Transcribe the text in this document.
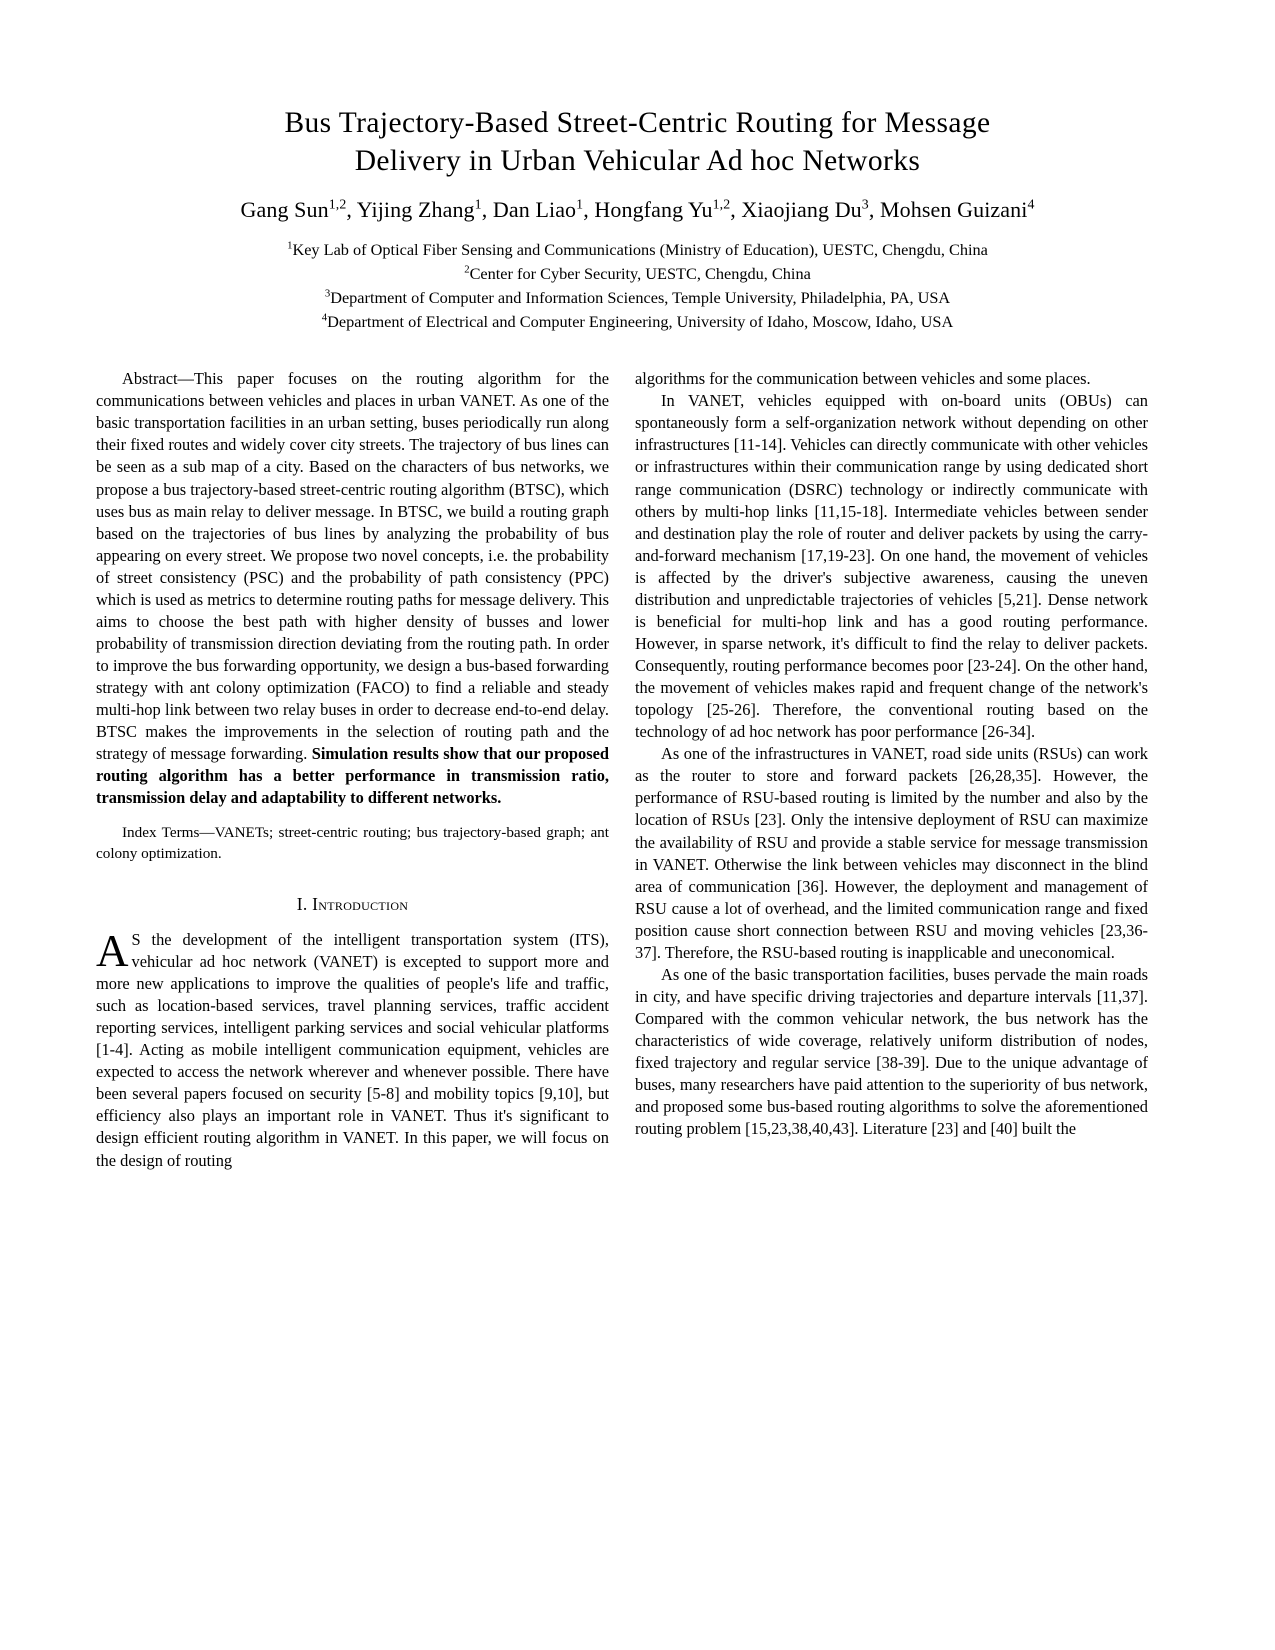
Bus Trajectory-Based Street-Centric Routing for Message
Delivery in Urban Vehicular Ad hoc Networks
Gang Sun$^{1,2}$, Yijing Zhang$^1$, Dan Liao$^1$, Hongfang Yu$^{1,2}$, Xiaojiang Du$^3$, Mohsen Guizani$^4$
$^1$Key Lab of Optical Fiber Sensing and Communications (Ministry of Education), UESTC, Chengdu, China
$^2$Center for Cyber Security, UESTC, Chengdu, China
$^3$Department of Computer and Information Sciences, Temple University, Philadelphia, PA, USA
$^4$Department of Electrical and Computer Engineering, University of Idaho, Moscow, Idaho, USA

Abstract—This paper focuses on the routing algorithm for the communications between vehicles and places in urban VANET. As one of the basic transportation facilities in an urban setting, buses periodically run along their fixed routes and widely cover city streets. The trajectory of bus lines can be seen as a sub map of a city. Based on the characters of bus networks, we propose a bus trajectory-based street-centric routing algorithm (BTSC), which uses bus as main relay to deliver message. In BTSC, we build a routing graph based on the trajectories of bus lines by analyzing the probability of bus appearing on every street. We propose two novel concepts, i.e. the probability of street consistency (PSC) and the probability of path consistency (PPC) which is used as metrics to determine routing paths for message delivery. This aims to choose the best path with higher density of busses and lower probability of transmission direction deviating from the routing path. In order to improve the bus forwarding opportunity, we design a bus-based forwarding strategy with ant colony optimization (FACO) to find a reliable and steady multi-hop link between two relay buses in order to decrease end-to-end delay. BTSC makes the improvements in the selection of routing path and the strategy of message forwarding. Simulation results show that our proposed routing algorithm has a better performance in transmission ratio, transmission delay and adaptability to different networks.

Index Terms—VANETs; street-centric routing; bus trajectory-based graph; ant colony optimization.

I. Introduction

A S the development of the intelligent transportation system (ITS), vehicular ad hoc network (VANET) is excepted to support more and more new applications to improve the qualities of people's life and traffic, such as location-based services, travel planning services, traffic accident reporting services, intelligent parking services and social vehicular platforms [1-4]. Acting as mobile intelligent communication equipment, vehicles are expected to access the network wherever and whenever possible. There have been several papers focused on security [5-8] and mobility topics [9,10], but efficiency also plays an important role in VANET. Thus it's significant to design efficient routing algorithm in VANET. In this paper, we will focus on the design of routing

algorithms for the communication between vehicles and some places.

In VANET, vehicles equipped with on-board units (OBUs) can spontaneously form a self-organization network without depending on other infrastructures [11-14]. Vehicles can directly communicate with other vehicles or infrastructures within their communication range by using dedicated short range communication (DSRC) technology or indirectly communicate with others by multi-hop links [11,15-18]. Intermediate vehicles between sender and destination play the role of router and deliver packets by using the carry-and-forward mechanism [17,19-23]. On one hand, the movement of vehicles is affected by the driver's subjective awareness, causing the uneven distribution and unpredictable trajectories of vehicles [5,21]. Dense network is beneficial for multi-hop link and has a good routing performance. However, in sparse network, it's difficult to find the relay to deliver packets. Consequently, routing performance becomes poor [23-24]. On the other hand, the movement of vehicles makes rapid and frequent change of the network's topology [25-26]. Therefore, the conventional routing based on the technology of ad hoc network has poor performance [26-34].

As one of the infrastructures in VANET, road side units (RSUs) can work as the router to store and forward packets [26,28,35]. However, the performance of RSU-based routing is limited by the number and also by the location of RSUs [23]. Only the intensive deployment of RSU can maximize the availability of RSU and provide a stable service for message transmission in VANET. Otherwise the link between vehicles may disconnect in the blind area of communication [36]. However, the deployment and management of RSU cause a lot of overhead, and the limited communication range and fixed position cause short connection between RSU and moving vehicles [23,36-37]. Therefore, the RSU-based routing is inapplicable and uneconomical.

As one of the basic transportation facilities, buses pervade the main roads in city, and have specific driving trajectories and departure intervals [11,37]. Compared with the common vehicular network, the bus network has the characteristics of wide coverage, relatively uniform distribution of nodes, fixed trajectory and regular service [38-39]. Due to the unique advantage of buses, many researchers have paid attention to the superiority of bus network, and proposed some bus-based routing algorithms to solve the aforementioned routing problem [15,23,38,40,43]. Literature [23] and [40] built the
